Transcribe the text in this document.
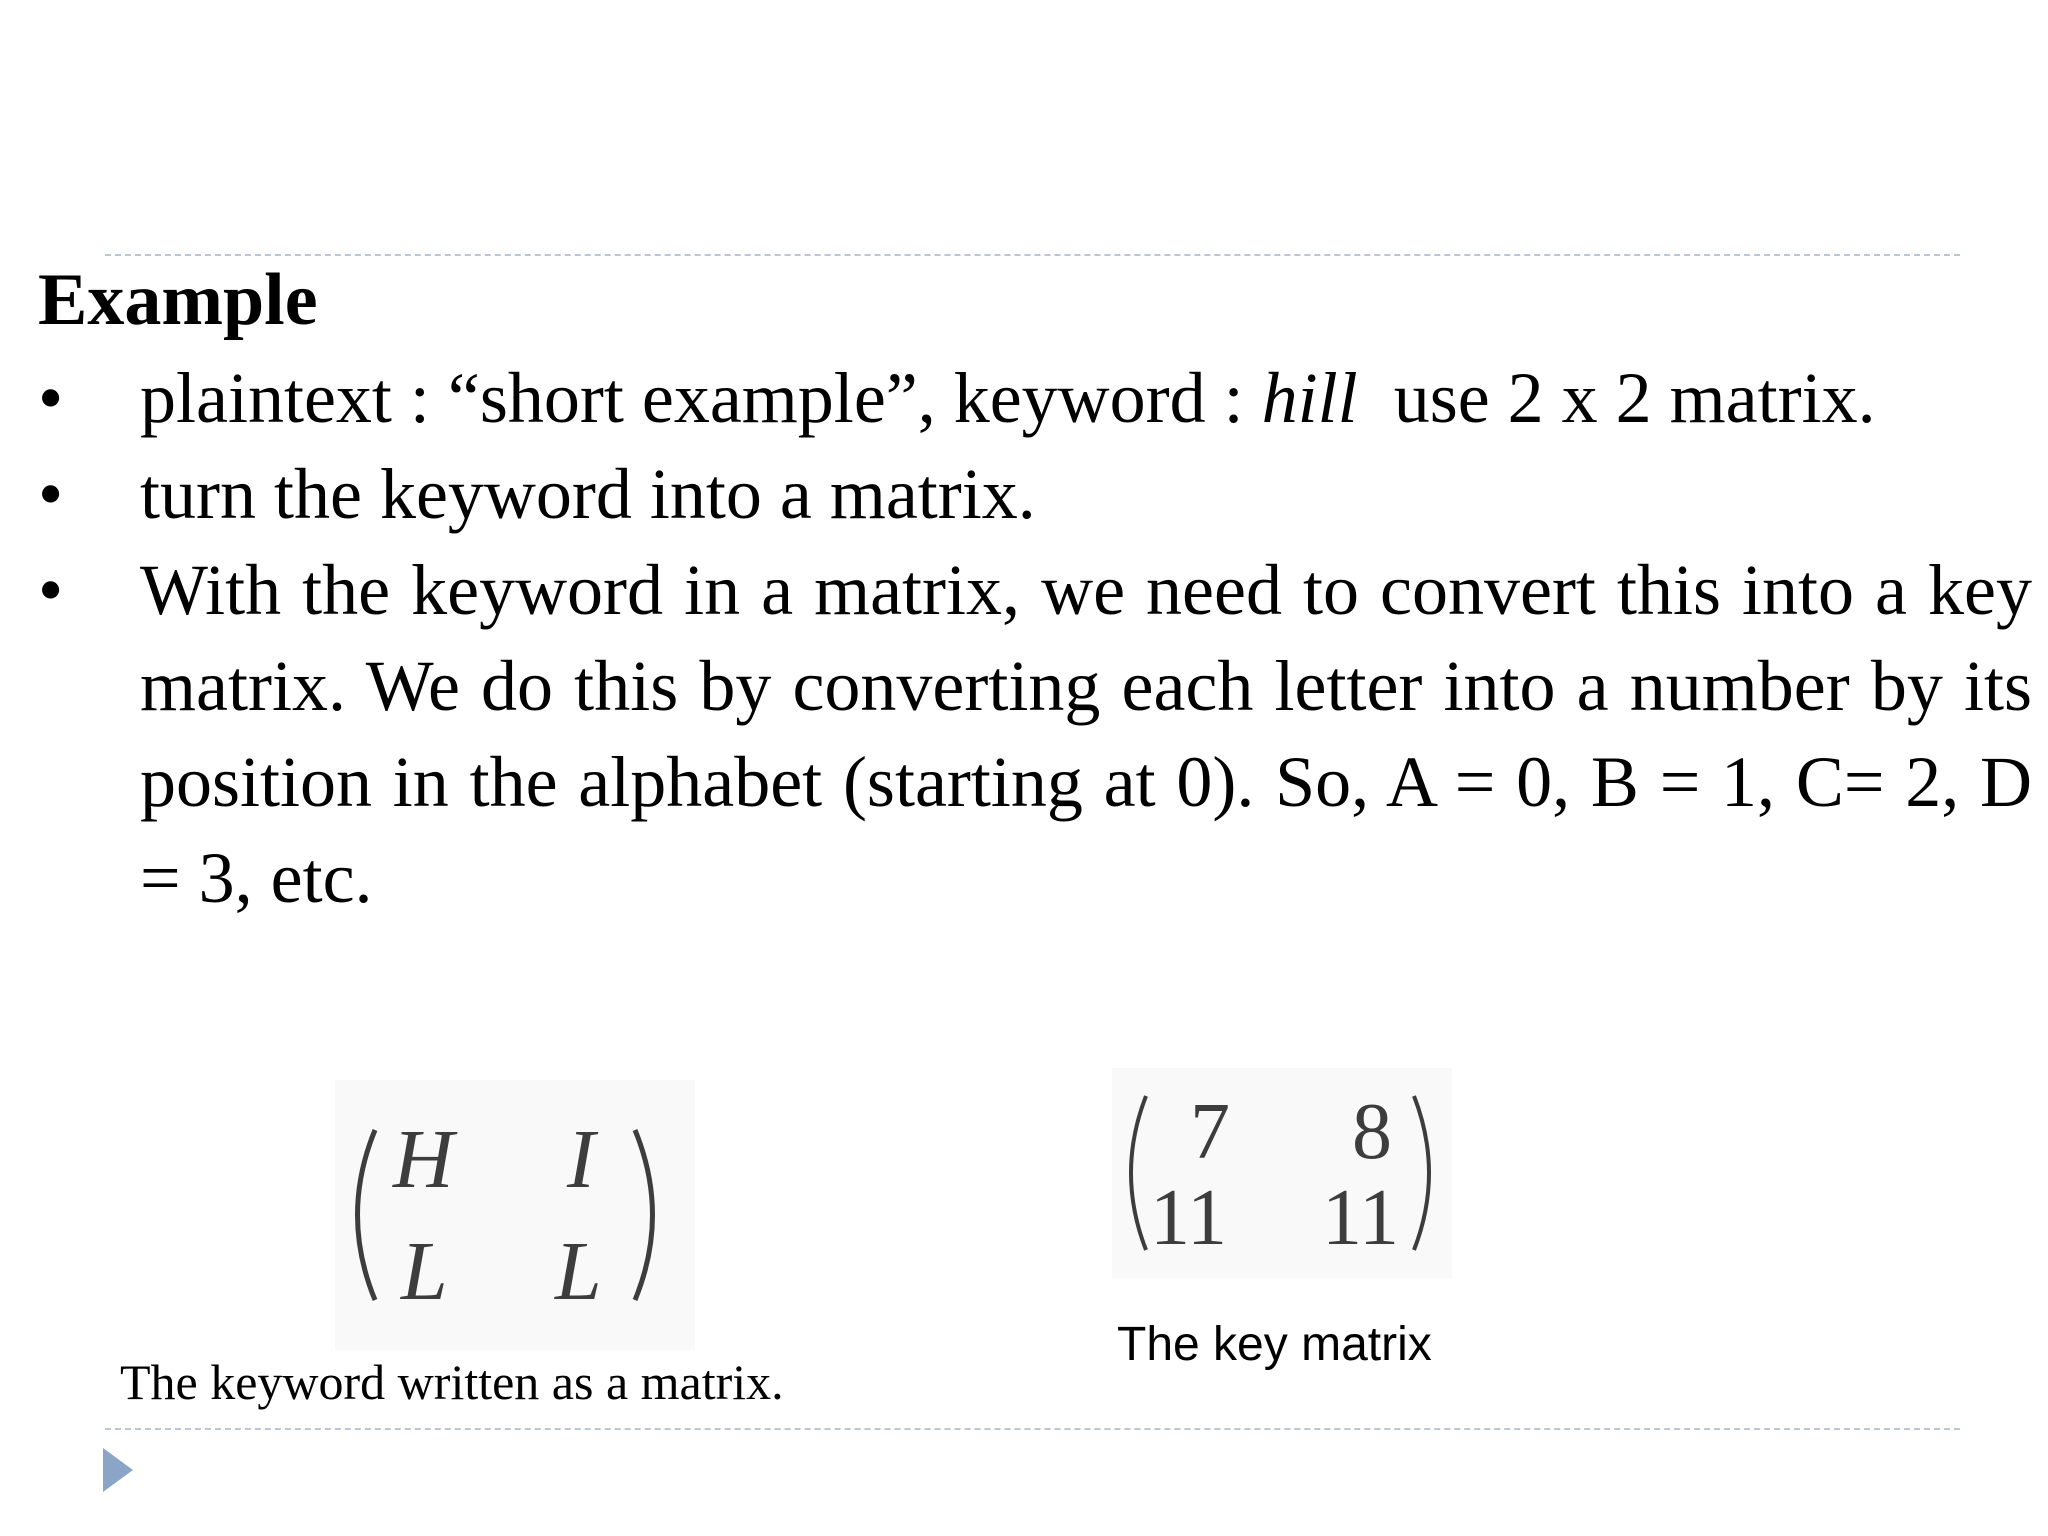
Example
•	plaintext : “short example”, keyword : hill  use 2 x 2 matrix.
•	turn the keyword into a matrix.
•	With the keyword in a matrix, we need to convert this into a key matrix. We do this by converting each letter into a number by its position in the alphabet (starting at 0). So, A = 0, B = 1, C= 2, D = 3, etc.
H I
L L
The keyword written as a matrix.
7 8
11 11
The key matrix
